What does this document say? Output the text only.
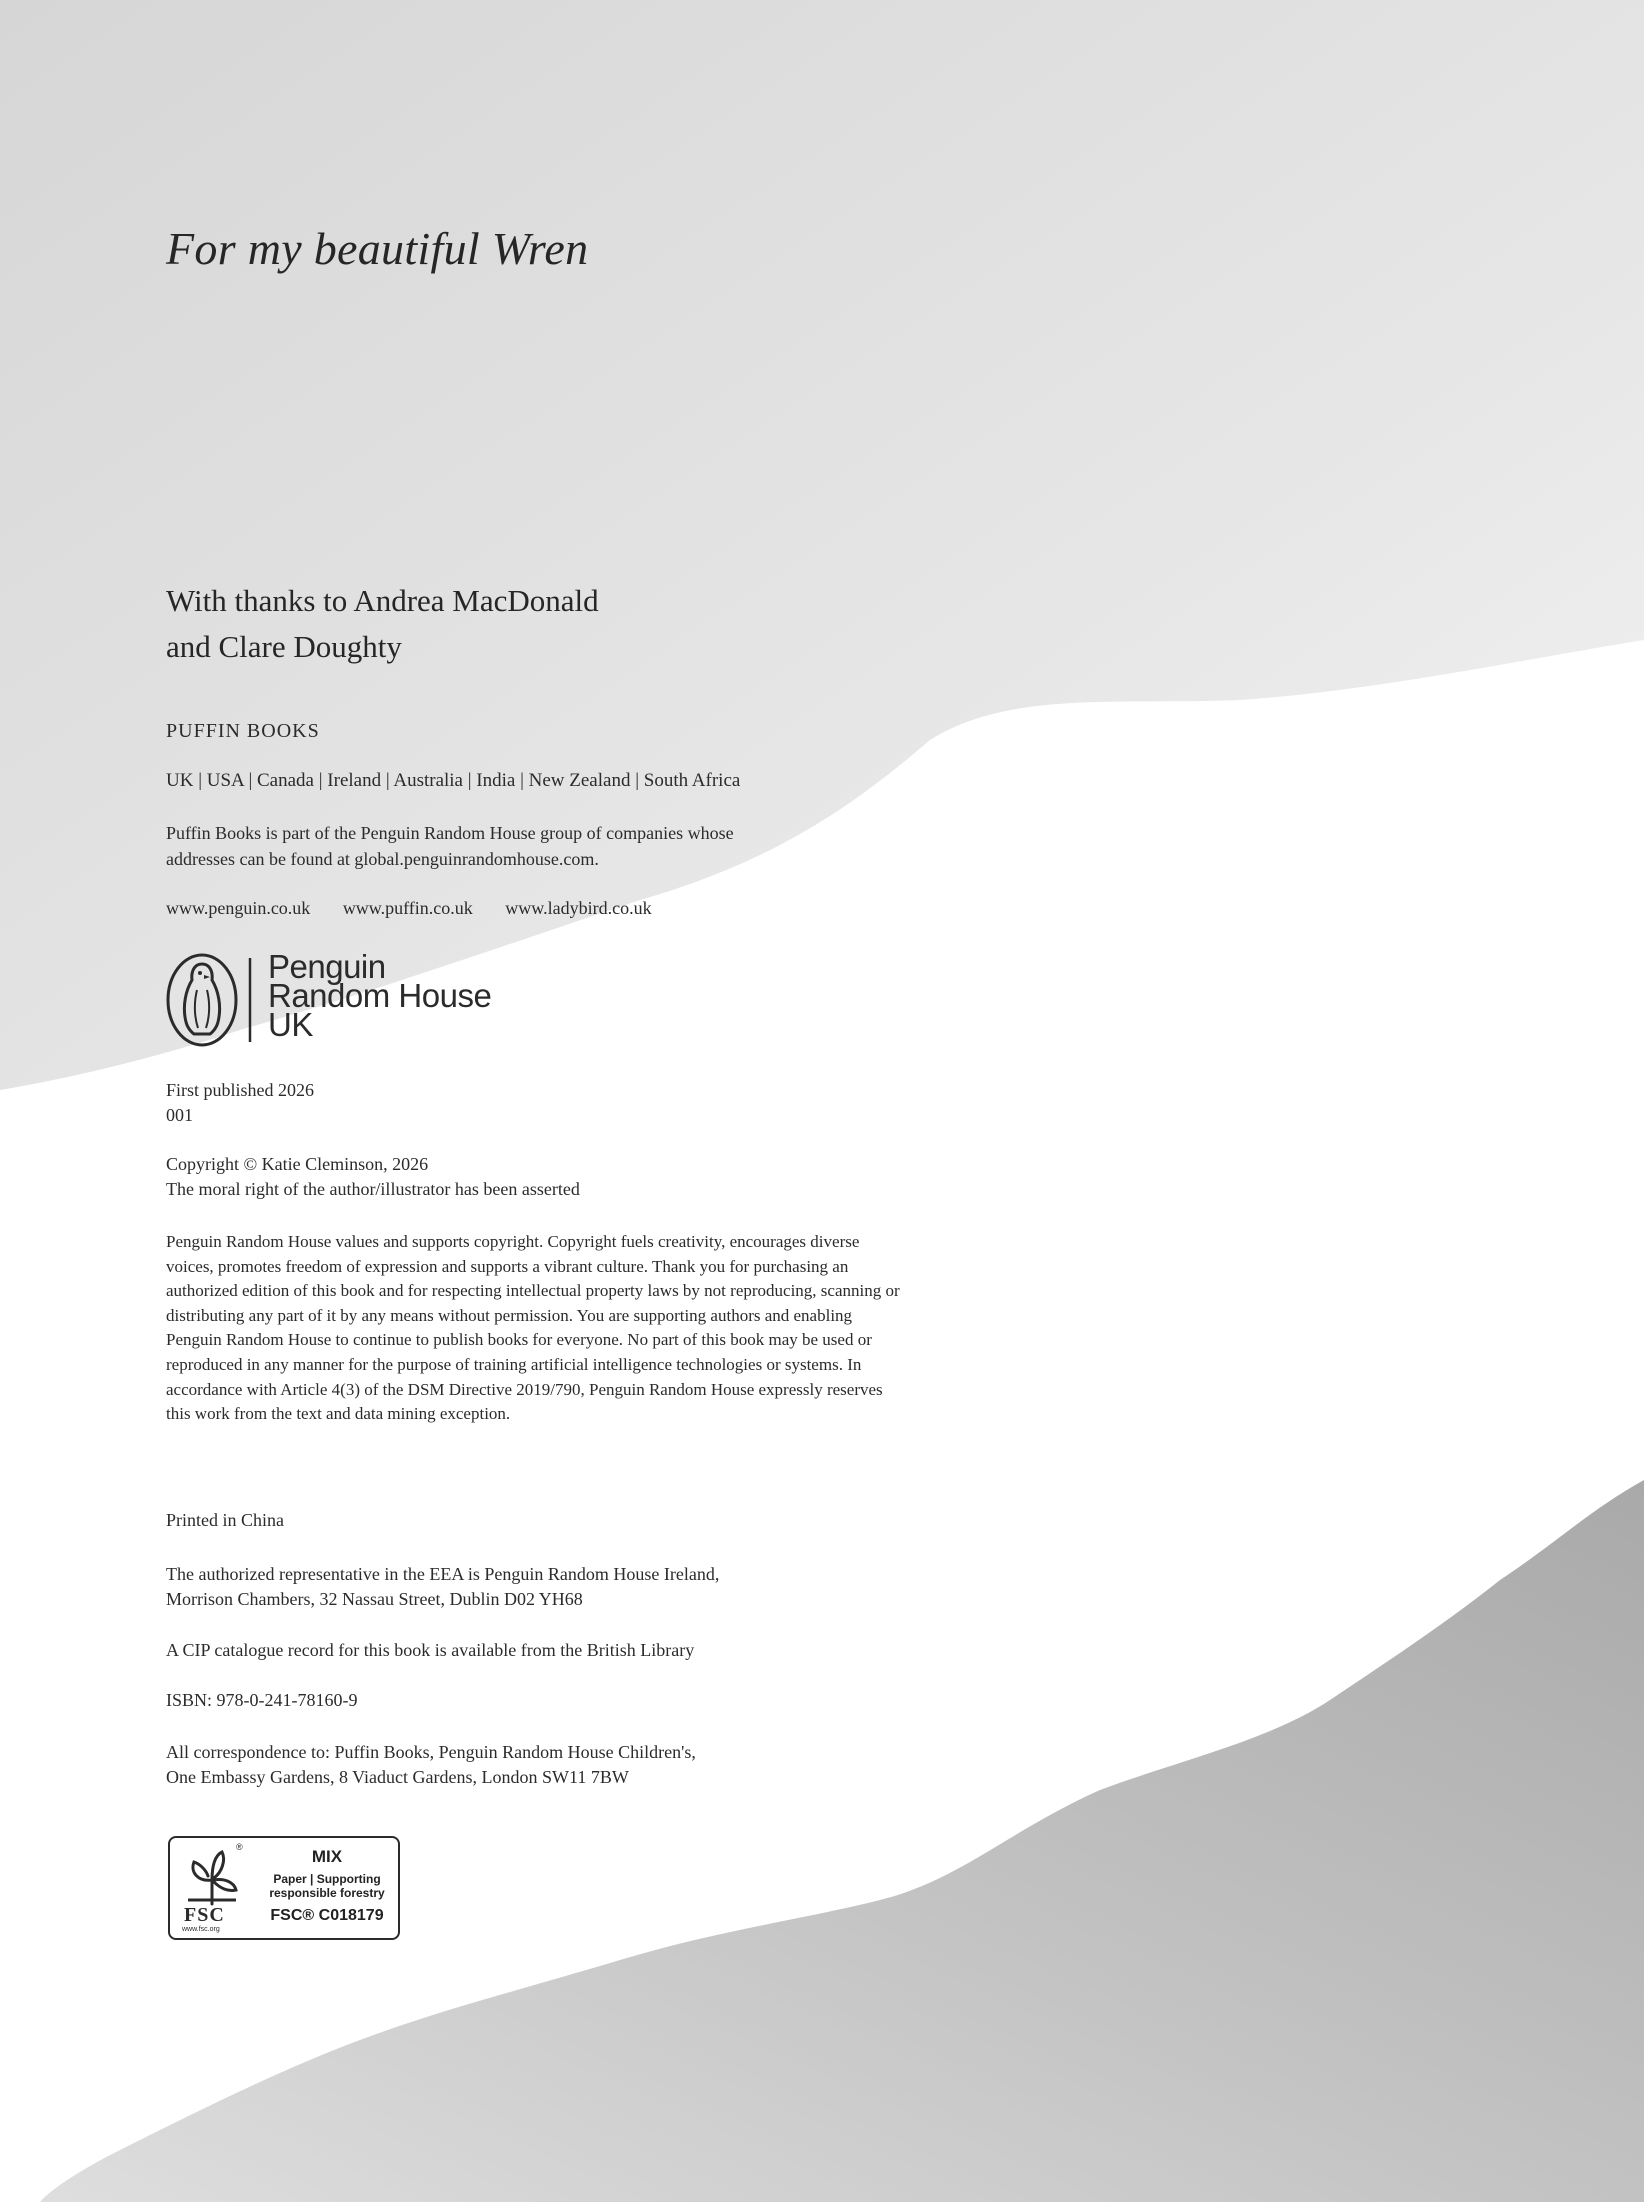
For my beautiful Wren
With thanks to Andrea MacDonald
and Clare Doughty
PUFFIN BOOKS
UK | USA | Canada | Ireland | Australia | India | New Zealand | South Africa
Puffin Books is part of the Penguin Random House group of companies whose
addresses can be found at global.penguinrandomhouse.com.
www.penguin.co.uk www.puffin.co.uk www.ladybird.co.uk
Penguin
Random House
UK
First published 2026
001
Copyright © Katie Cleminson, 2026
The moral right of the author/illustrator has been asserted

Penguin Random House values and supports copyright. Copyright fuels creativity, encourages diverse voices, promotes freedom of expression and supports a vibrant culture. Thank you for purchasing an authorized edition of this book and for respecting intellectual property laws by not reproducing, scanning or distributing any part of it by any means without permission. You are supporting authors and enabling Penguin Random House to continue to publish books for everyone. No part of this book may be used or reproduced in any manner for the purpose of training artificial intelligence technologies or systems. In accordance with Article 4(3) of the DSM Directive 2019/790, Penguin Random House expressly reserves this work from the text and data mining exception.

Printed in China
The authorized representative in the EEA is Penguin Random House Ireland,
Morrison Chambers, 32 Nassau Street, Dublin D02 YH68
A CIP catalogue record for this book is available from the British Library
ISBN: 978-0-241-78160-9
All correspondence to: Puffin Books, Penguin Random House Children's,
One Embassy Gardens, 8 Viaduct Gardens, London SW11 7BW
®
FSC
www.fsc.org
MIX
Paper | Supporting
responsible forestry
FSC® C018179
